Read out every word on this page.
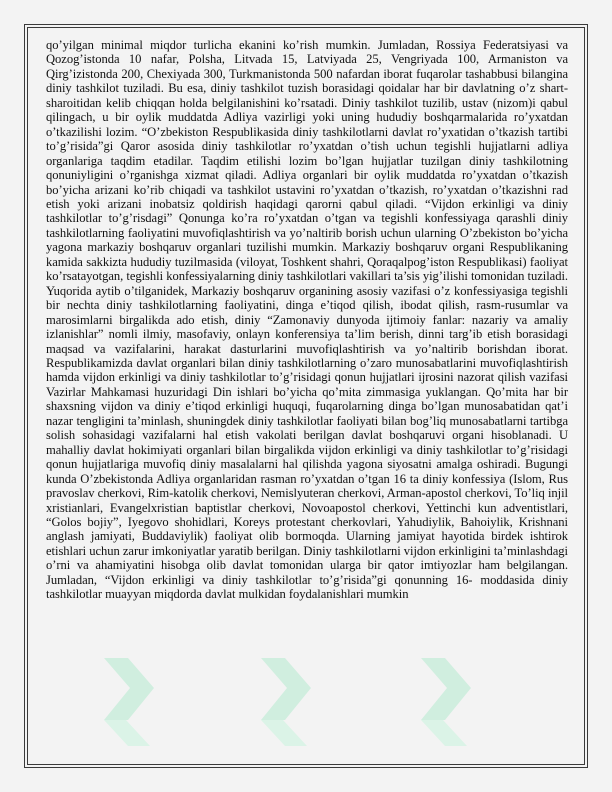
qo’yilgan minimal miqdor turlicha ekanini ko’rish mumkin. Jumladan, Rossiya Federatsiyasi va Qozog’istonda 10 nafar, Polsha, Litvada 15, Latviyada 25, Vengriyada 100, Armaniston va Qirg’izistonda 200, Chexiyada 300, Turkmanistonda 500 nafardan iborat fuqarolar tashabbusi bilangina diniy tashkilot tuziladi. Bu esa, diniy tashkilot tuzish borasidagi qoidalar har bir davlatning o’z shart-sharoitidan kelib chiqqan holda belgilanishini ko’rsatadi. Diniy tashkilot tuzilib, ustav (nizom)i qabul qilingach, u bir oylik muddatda Adliya vazirligi yoki uning hududiy boshqarmalarida ro’yxatdan o’tkazilishi lozim. “O’zbekiston Respublikasida diniy tashkilotlarni davlat ro’yxatidan o’tkazish tartibi to’g’risida”gi Qaror asosida diniy tashkilotlar ro’yxatdan o’tish uchun tegishli hujjatlarni adliya organlariga taqdim etadilar. Taqdim etilishi lozim bo’lgan hujjatlar tuzilgan diniy tashkilotning qonuniyligini o’rganishga xizmat qiladi. Adliya organlari bir oylik muddatda ro’yxatdan o’tkazish bo’yicha arizani ko’rib chiqadi va tashkilot ustavini ro’yxatdan o’tkazish, ro’yxatdan o’tkazishni rad etish yoki arizani inobatsiz qoldirish haqidagi qarorni qabul qiladi. “Vijdon erkinligi va diniy tashkilotlar to’g’risdagi” Qonunga ko’ra ro’yxatdan o’tgan va tegishli konfessiyaga qarashli diniy tashkilotlarning faoliyatini muvofiqlashtirish va yo’naltirib borish uchun ularning O’zbekiston bo’yicha yagona markaziy boshqaruv organlari tuzilishi mumkin. Markaziy boshqaruv organi Respublikaning kamida sakkizta hududiy tuzilmasida (viloyat, Toshkent shahri, Qoraqalpog’iston Respublikasi) faoliyat ko’rsatayotgan, tegishli konfessiyalarning diniy tashkilotlari vakillari ta’sis yig’ilishi tomonidan tuziladi. Yuqorida aytib o’tilganidek, Markaziy boshqaruv organining asosiy vazifasi o’z konfessiyasiga tegishli bir nechta diniy tashkilotlarning faoliyatini, dinga e’tiqod qilish, ibodat qilish, rasm-rusumlar va marosimlarni birgalikda ado etish, diniy “Zamonaviy dunyoda ijtimoiy fanlar: nazariy va amaliy izlanishlar” nomli ilmiy, masofaviy, onlayn konferensiya ta’lim berish, dinni targ’ib etish borasidagi maqsad va vazifalarini, harakat dasturlarini muvofiqlashtirish va yo’naltirib borishdan iborat. Respublikamizda davlat organlari bilan diniy tashkilotlarning o’zaro munosabatlarini muvofiqlashtirish hamda vijdon erkinligi va diniy tashkilotlar to’g’risidagi qonun hujjatlari ijrosini nazorat qilish vazifasi Vazirlar Mahkamasi huzuridagi Din ishlari bo’yicha qo’mita zimmasiga yuklangan. Qo’mita har bir shaxsning vijdon va diniy e’tiqod erkinligi huquqi, fuqarolarning dinga bo’lgan munosabatidan qat’i nazar tengligini ta’minlash, shuningdek diniy tashkilotlar faoliyati bilan bog’liq munosabatlarni tartibga solish sohasidagi vazifalarni hal etish vakolati berilgan davlat boshqaruvi organi hisoblanadi. U mahalliy davlat hokimiyati organlari bilan birgalikda vijdon erkinligi va diniy tashkilotlar to’g’risidagi qonun hujjatlariga muvofiq diniy masalalarni hal qilishda yagona siyosatni amalga oshiradi. Bugungi kunda O’zbekistonda Adliya organlaridan rasman ro’yxatdan o’tgan 16 ta diniy konfessiya (Islom, Rus pravoslav cherkovi, Rim-katolik cherkovi, Nemislyuteran cherkovi, Arman-apostol cherkovi, To’liq injil xristianlari, Evangelxristian baptistlar cherkovi, Novoapostol cherkovi, Yettinchi kun adventistlari, “Golos bojiy”, Iyegovo shohidlari, Koreys protestant cherkovlari, Yahudiylik, Bahoiylik, Krishnani anglash jamiyati, Buddaviylik) faoliyat olib bormoqda. Ularning jamiyat hayotida birdek ishtirok etishlari uchun zarur imkoniyatlar yaratib berilgan. Diniy tashkilotlarni vijdon erkinligini ta’minlashdagi o’rni va ahamiyatini hisobga olib davlat tomonidan ularga bir qator imtiyozlar ham belgilangan. Jumladan, “Vijdon erkinligi va diniy tashkilotlar to’g’risida”gi qonunning 16- moddasida diniy tashkilotlar muayyan miqdorda davlat mulkidan foydalanishlari mumkin
